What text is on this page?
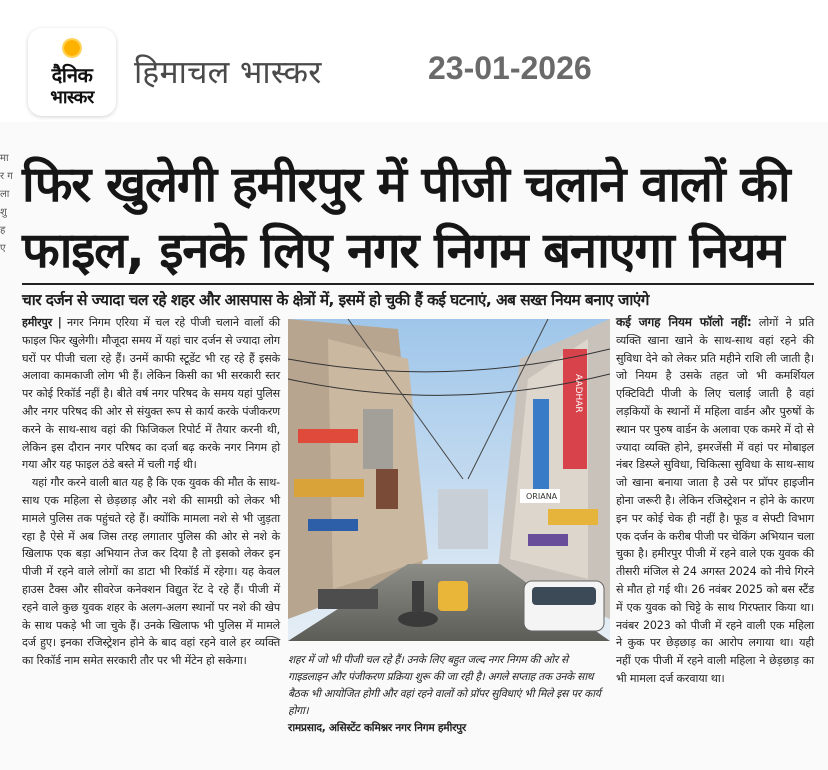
दैनिक
भास्कर
हिमाचल भास्कर	23-01-2026
मा र ग ला शु ह ए
फिर खुलेगी हमीरपुर में पीजी चलाने वालों की
फाइल, इनके लिए नगर निगम बनाएगा नियम
चार दर्जन से ज्यादा चल रहे शहर और आसपास के क्षेत्रों में, इसमें हो चुकी हैं कई घटनाएं, अब सख्त नियम बनाए जाएंगे

हमीरपुर | नगर निगम एरिया में चल रहे पीजी चलाने वालों की फाइल फिर खुलेगी। मौजूदा समय में यहां चार दर्जन से ज्यादा लोग घरों पर पीजी चला रहे हैं। उनमें काफी स्टूडेंट भी रह रहे हैं इसके अलावा कामकाजी लोग भी हैं। लेकिन किसी का भी सरकारी स्तर पर कोई रिकॉर्ड नहीं है। बीते वर्ष नगर परिषद के समय यहां पुलिस और नगर परिषद की ओर से संयुक्त रूप से कार्य करके पंजीकरण करने के साथ-साथ वहां की फिजिकल रिपोर्ट में तैयार करनी थी, लेकिन इस दौरान नगर परिषद का दर्जा बढ़ करके नगर निगम हो गया और यह फाइल ठंडे बस्ते में चली गई थी।

यहां गौर करने वाली बात यह है कि एक युवक की मौत के साथ-साथ एक महिला से छेड़छाड़ और नशे की सामग्री को लेकर भी मामले पुलिस तक पहुंचते रहे हैं। क्योंकि मामला नशे से भी जुड़ता रहा है ऐसे में अब जिस तरह लगातार पुलिस की ओर से नशे के खिलाफ एक बड़ा अभियान तेज कर दिया है तो इसको लेकर इन पीजी में रहने वाले लोगों का डाटा भी रिकॉर्ड में रहेगा। यह केवल हाउस टैक्स और सीवरेज कनेक्शन विद्युत रेंट दे रहे हैं। पीजी में रहने वाले कुछ युवक शहर के अलग-अलग स्थानों पर नशे की खेप के साथ पकड़े भी जा चुके हैं। उनके खिलाफ भी पुलिस में मामले दर्ज हुए। इनका रजिस्ट्रेशन होने के बाद वहां रहने वाले हर व्यक्ति का रिकॉर्ड नाम समेत सरकारी तौर पर भी मेंटेन हो सकेगा।

AADHAR
ORIANA
शहर में जो भी पीजी चल रहे हैं। उनके लिए बहुत जल्द नगर निगम की ओर से गाइडलाइन और पंजीकरण प्रक्रिया शुरू की जा रही है। अगले सप्ताह तक उनके साथ बैठक भी आयोजित होगी और वहां रहने वालों को प्रॉपर सुविधाएं भी मिले इस पर कार्य होगा।
रामप्रसाद, असिस्टेंट कमिश्नर नगर निगम हमीरपुर

कई जगह नियम फॉलो नहीं: लोगों ने प्रति व्यक्ति खाना खाने के साथ-साथ वहां रहने की सुविधा देने को लेकर प्रति महीने राशि ली जाती है। जो नियम है उसके तहत जो भी कमर्शियल एक्टिविटी पीजी के लिए चलाई जाती है वहां लड़कियों के स्थानों में महिला वार्डन और पुरुषों के स्थान पर पुरुष वार्डन के अलावा एक कमरे में दो से ज्यादा व्यक्ति होने, इमरजेंसी में वहां पर मोबाइल नंबर डिस्प्ले सुविधा, चिकित्सा सुविधा के साथ-साथ जो खाना बनाया जाता है उसे पर प्रॉपर हाइजीन होना जरूरी है। लेकिन रजिस्ट्रेशन न होने के कारण इन पर कोई चेक ही नहीं है। फूड व सेफ्टी विभाग एक दर्जन के करीब पीजी पर चेकिंग अभियान चला चुका है। हमीरपुर पीजी में रहने वाले एक युवक की तीसरी मंजिल से 24 अगस्त 2024 को नीचे गिरने से मौत हो गई थी। 26 नवंबर 2025 को बस स्टैंड में एक युवक को चिट्टे के साथ गिरफ्तार किया था। नवंबर 2023 को पीजी में रहने वाली एक महिला ने कुक पर छेड़छाड़ का आरोप लगाया था। यही नहीं एक पीजी में रहने वाली महिला ने छेड़छाड़ का भी मामला दर्ज करवाया था।
